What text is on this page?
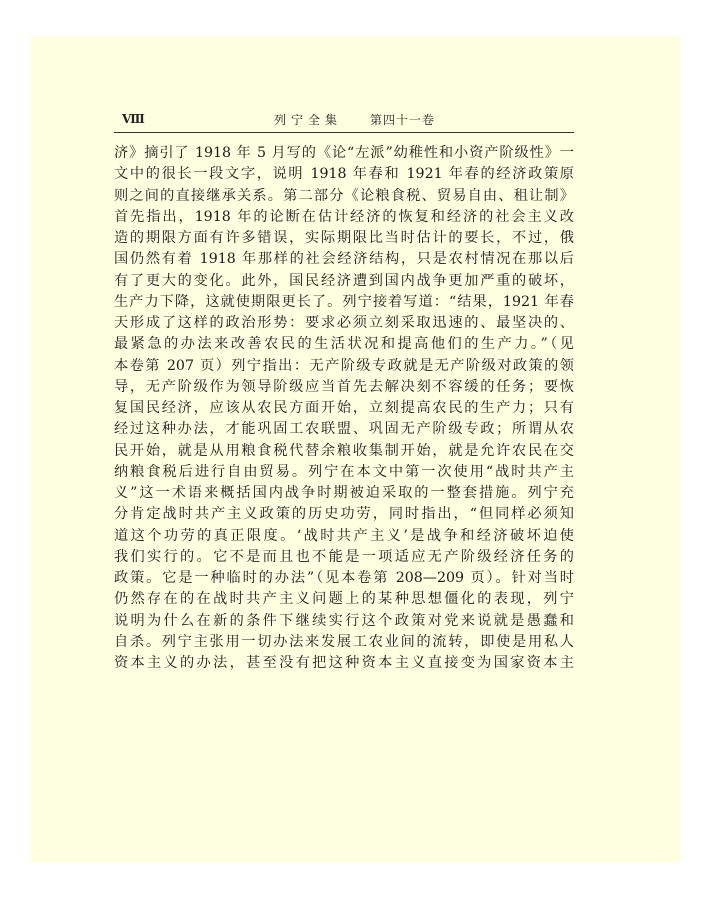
Ⅷ	列宁全集 第四十一卷
济》摘引了 1918 年 5 月写的《论“左派”幼稚性和小资产阶级性》一
文中的很长一段文字，说明 1918 年春和 1921 年春的经济政策原
则之间的直接继承关系。第二部分《论粮食税、贸易自由、租让制》
首先指出，1918 年的论断在估计经济的恢复和经济的社会主义改
造的期限方面有许多错误，实际期限比当时估计的要长，不过，俄
国仍然有着 1918 年那样的社会经济结构，只是农村情况在那以后
有了更大的变化。此外，国民经济遭到国内战争更加严重的破坏，
生产力下降，这就使期限更长了。列宁接着写道：“结果，1921 年春
天形成了这样的政治形势：要求必须立刻采取迅速的、最坚决的、
最紧急的办法来改善农民的生活状况和提高他们的生产力。”（见
本卷第 207 页）列宁指出：无产阶级专政就是无产阶级对政策的领
导，无产阶级作为领导阶级应当首先去解决刻不容缓的任务；要恢
复国民经济，应该从农民方面开始，立刻提高农民的生产力；只有
经过这种办法，才能巩固工农联盟、巩固无产阶级专政；所谓从农
民开始，就是从用粮食税代替余粮收集制开始，就是允许农民在交
纳粮食税后进行自由贸易。列宁在本文中第一次使用“战时共产主
义”这一术语来概括国内战争时期被迫采取的一整套措施。列宁充
分肯定战时共产主义政策的历史功劳，同时指出，“但同样必须知
道这个功劳的真正限度。‘战时共产主义’是战争和经济破坏迫使
我们实行的。它不是而且也不能是一项适应无产阶级经济任务的
政策。它是一种临时的办法”（见本卷第 208—209 页）。针对当时
仍然存在的在战时共产主义问题上的某种思想僵化的表现，列宁
说明为什么在新的条件下继续实行这个政策对党来说就是愚蠢和
自杀。列宁主张用一切办法来发展工农业间的流转，即使是用私人
资本主义的办法，甚至没有把这种资本主义直接变为国家资本主
